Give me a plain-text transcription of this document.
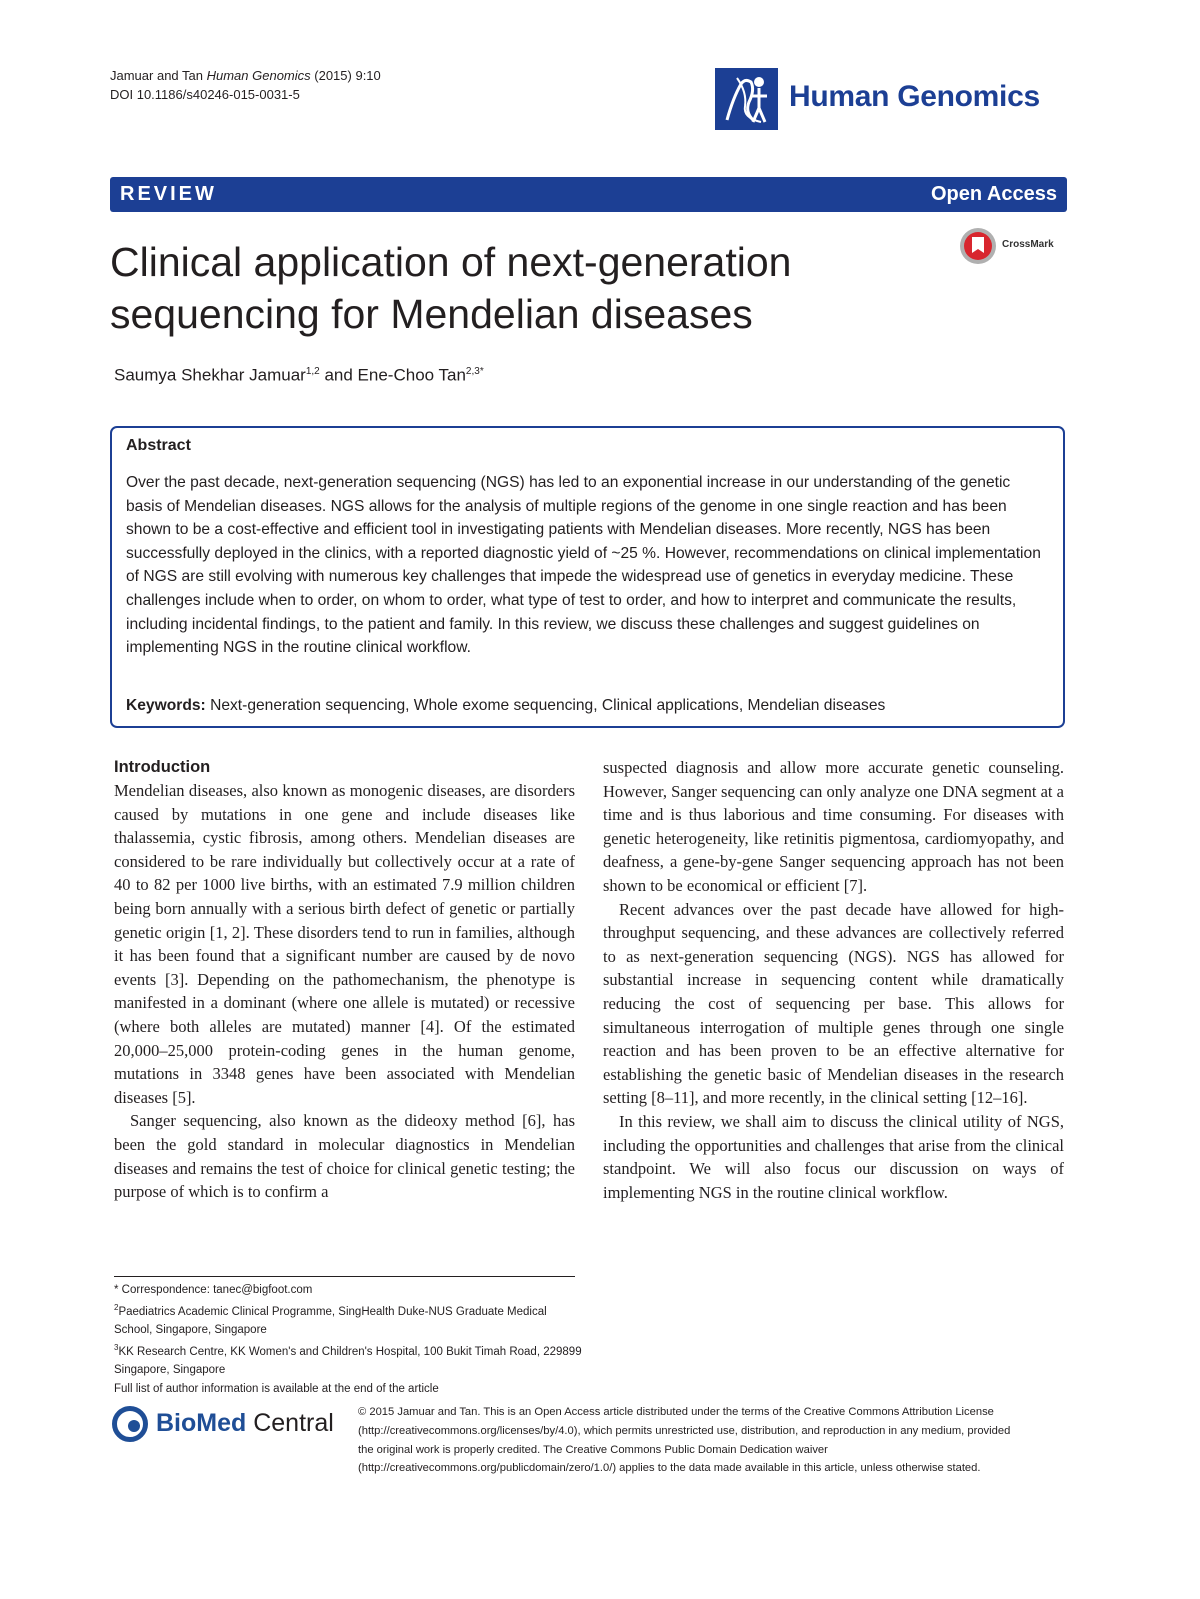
Jamuar and Tan Human Genomics (2015) 9:10
DOI 10.1186/s40246-015-0031-5	Human Genomics
REVIEW	Open Access
Clinical application of next-generation sequencing for Mendelian diseases
CrossMark
Saumya Shekhar Jamuar$^{1,2}$ and Ene-Choo Tan$^{2,3*}$
Abstract
Over the past decade, next-generation sequencing (NGS) has led to an exponential increase in our understanding of the genetic basis of Mendelian diseases. NGS allows for the analysis of multiple regions of the genome in one single reaction and has been shown to be a cost-effective and efficient tool in investigating patients with Mendelian diseases. More recently, NGS has been successfully deployed in the clinics, with a reported diagnostic yield of ~25 %. However, recommendations on clinical implementation of NGS are still evolving with numerous key challenges that impede the widespread use of genetics in everyday medicine. These challenges include when to order, on whom to order, what type of test to order, and how to interpret and communicate the results, including incidental findings, to the patient and family. In this review, we discuss these challenges and suggest guidelines on implementing NGS in the routine clinical workflow.
Keywords: Next-generation sequencing, Whole exome sequencing, Clinical applications, Mendelian diseases
Introduction

Mendelian diseases, also known as monogenic diseases, are disorders caused by mutations in one gene and include diseases like thalassemia, cystic fibrosis, among others. Mendelian diseases are considered to be rare individually but collectively occur at a rate of 40 to 82 per 1000 live births, with an estimated 7.9 million children being born annually with a serious birth defect of genetic or partially genetic origin [1, 2]. These disorders tend to run in families, although it has been found that a significant number are caused by de novo events [3]. Depending on the pathomechanism, the phenotype is manifested in a dominant (where one allele is mutated) or recessive (where both alleles are mutated) manner [4]. Of the estimated 20,000–25,000 protein-coding genes in the human genome, mutations in 3348 genes have been associated with Mendelian diseases [5].

Sanger sequencing, also known as the dideoxy method [6], has been the gold standard in molecular diagnostics in Mendelian diseases and remains the test of choice for clinical genetic testing; the purpose of which is to confirm a

suspected diagnosis and allow more accurate genetic counseling. However, Sanger sequencing can only analyze one DNA segment at a time and is thus laborious and time consuming. For diseases with genetic heterogeneity, like retinitis pigmentosa, cardiomyopathy, and deafness, a gene-by-gene Sanger sequencing approach has not been shown to be economical or efficient [7].

Recent advances over the past decade have allowed for high-throughput sequencing, and these advances are collectively referred to as next-generation sequencing (NGS). NGS has allowed for substantial increase in sequencing content while dramatically reducing the cost of sequencing per base. This allows for simultaneous interrogation of multiple genes through one single reaction and has been proven to be an effective alternative for establishing the genetic basic of Mendelian diseases in the research setting [8–11], and more recently, in the clinical setting [12–16].

In this review, we shall aim to discuss the clinical utility of NGS, including the opportunities and challenges that arise from the clinical standpoint. We will also focus our discussion on ways of implementing NGS in the routine clinical workflow.

* Correspondence: tanec@bigfoot.com

$^2$Paediatrics Academic Clinical Programme, SingHealth Duke-NUS Graduate Medical School, Singapore, Singapore

$^3$KK Research Centre, KK Women's and Children's Hospital, 100 Bukit Timah Road, 229899 Singapore, Singapore

Full list of author information is available at the end of the article

BioMed Central © 2015 Jamuar and Tan. This is an Open Access article distributed under the terms of the Creative Commons Attribution License (http://creativecommons.org/licenses/by/4.0), which permits unrestricted use, distribution, and reproduction in any medium, provided the original work is properly credited. The Creative Commons Public Domain Dedication waiver (http://creativecommons.org/publicdomain/zero/1.0/) applies to the data made available in this article, unless otherwise stated.
